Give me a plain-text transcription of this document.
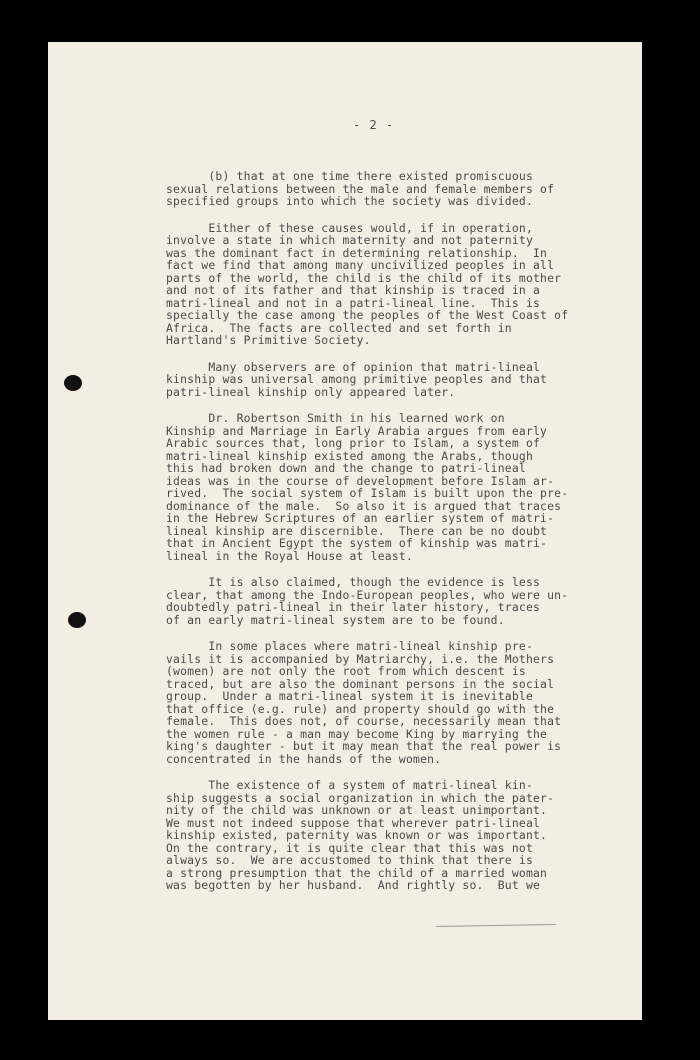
- 2 -
(b) that at one time there existed promiscuous
sexual relations between the male and female members of
specified groups into which the society was divided.
Either of these causes would, if in operation,
involve a state in which maternity and not paternity
was the dominant fact in determining relationship.  In
fact we find that among many uncivilized peoples in all
parts of the world, the child is the child of its mother
and not of its father and that kinship is traced in a
matri-lineal and not in a patri-lineal line.  This is
specially the case among the peoples of the West Coast of
Africa.  The facts are collected and set forth in
Hartland's Primitive Society.
Many observers are of opinion that matri-lineal
kinship was universal among primitive peoples and that
patri-lineal kinship only appeared later.
Dr. Robertson Smith in his learned work on
Kinship and Marriage in Early Arabia argues from early
Arabic sources that, long prior to Islam, a system of
matri-lineal kinship existed among the Arabs, though
this had broken down and the change to patri-lineal
ideas was in the course of development before Islam ar-
rived.  The social system of Islam is built upon the pre-
dominance of the male.  So also it is argued that traces
in the Hebrew Scriptures of an earlier system of matri-
lineal kinship are discernible.  There can be no doubt
that in Ancient Egypt the system of kinship was matri-
lineal in the Royal House at least.
It is also claimed, though the evidence is less
clear, that among the Indo-European peoples, who were un-
doubtedly patri-lineal in their later history, traces
of an early matri-lineal system are to be found.
In some places where matri-lineal kinship pre-
vails it is accompanied by Matriarchy, i.e. the Mothers
(women) are not only the root from which descent is
traced, but are also the dominant persons in the social
group.  Under a matri-lineal system it is inevitable
that office (e.g. rule) and property should go with the
female.  This does not, of course, necessarily mean that
the women rule - a man may become King by marrying the
king's daughter - but it may mean that the real power is
concentrated in the hands of the women.
The existence of a system of matri-lineal kin-
ship suggests a social organization in which the pater-
nity of the child was unknown or at least unimportant.
We must not indeed suppose that wherever patri-lineal
kinship existed, paternity was known or was important.
On the contrary, it is quite clear that this was not
always so.  We are accustomed to think that there is
a strong presumption that the child of a married woman
was begotten by her husband.  And rightly so.  But we
